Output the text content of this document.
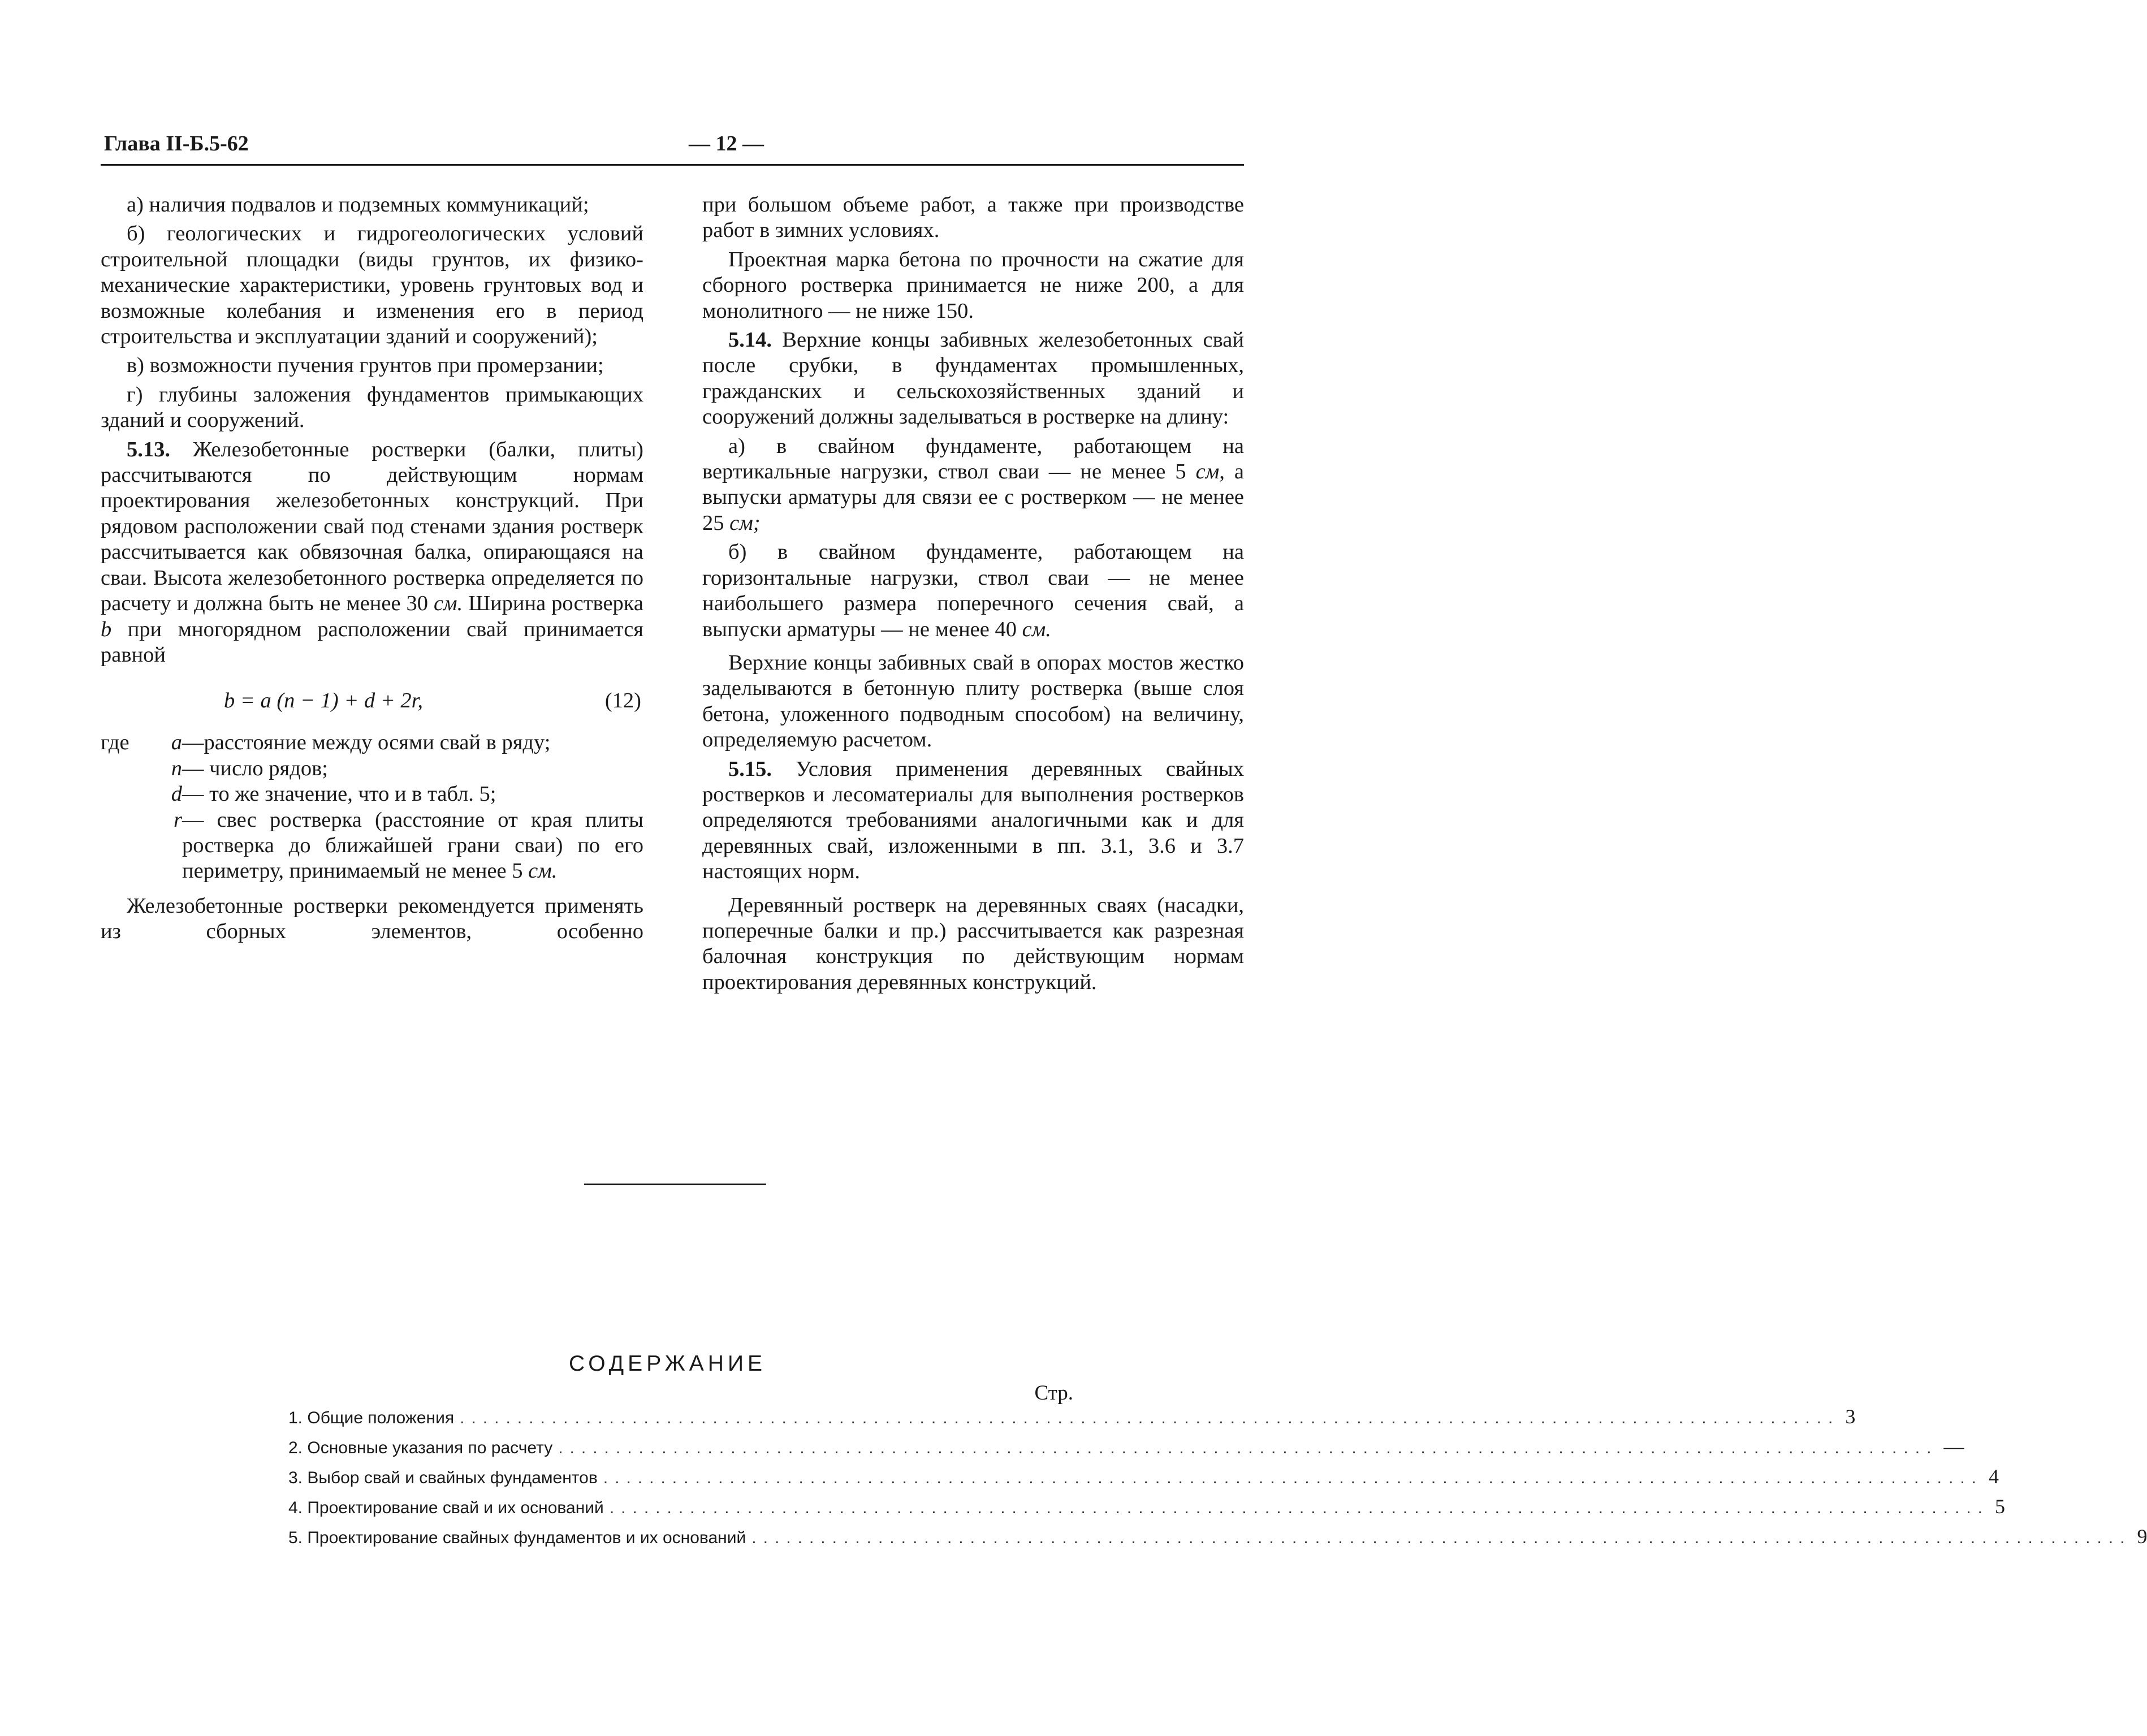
Глава II-Б.5-62	— 12 —

а) наличия подвалов и подземных коммуникаций;

б) геологических и гидрогеологических условий строительной площадки (виды грунтов, их физико-механические характеристики, уровень грунтовых вод и возможные колебания и изменения его в период строительства и эксплуатации зданий и сооружений);

в) возможности пучения грунтов при промерзании;

г) глубины заложения фундаментов примыкающих зданий и сооружений.

5.13. Железобетонные ростверки (балки, плиты) рассчитываются по действующим нормам проектирования железобетонных конструкций. При рядовом расположении свай под стенами здания ростверк рассчитывается как обвязочная балка, опирающаяся на сваи. Высота железобетонного ростверка определяется по расчету и должна быть не менее 30 см. Ширина ростверка b при многорядном расположении свай принимается равной

b = a (n − 1) + d + 2r,	(12)
где	a —расстояние между осями свай в ряду;
n — число рядов;
d — то же значение, что и в табл. 5;
r — свес ростверка (расстояние от края плиты ростверка до ближайшей грани сваи) по его периметру, принимаемый не менее 5 см.

Железобетонные ростверки рекомендуется применять из сборных элементов, особенно

при большом объеме работ, а также при производстве работ в зимних условиях.

Проектная марка бетона по прочности на сжатие для сборного ростверка принимается не ниже 200, а для монолитного — не ниже 150.

5.14. Верхние концы забивных железобетонных свай после срубки, в фундаментах промышленных, гражданских и сельскохозяйственных зданий и сооружений должны заделываться в ростверке на длину:

а) в свайном фундаменте, работающем на вертикальные нагрузки, ствол сваи — не менее 5 см, а выпуски арматуры для связи ее с ростверком — не менее 25 см;

б) в свайном фундаменте, работающем на горизонтальные нагрузки, ствол сваи — не менее наибольшего размера поперечного сечения свай, а выпуски арматуры — не менее 40 см.

Верхние концы забивных свай в опорах мостов жестко заделываются в бетонную плиту ростверка (выше слоя бетона, уложенного подводным способом) на величину, определяемую расчетом.

5.15. Условия применения деревянных свайных ростверков и лесоматериалы для выполнения ростверков определяются требованиями аналогичными как и для деревянных свай, изложенными в пп. 3.1, 3.6 и 3.7 настоящих норм.

Деревянный ростверк на деревянных сваях (насадки, поперечные балки и пр.) рассчитывается как разрезная балочная конструкция по действующим нормам проектирования деревянных конструкций.

СОДЕРЖАНИЕ
Стр.
1. Общие положения ........................................................................................................................ 3
2. Основные указания по расчету ........................................................................................................................ —
3. Выбор свай и свайных фундаментов ........................................................................................................................ 4
4. Проектирование свай и их оснований ........................................................................................................................ 5
5. Проектирование свайных фундаментов и их оснований ........................................................................................................................ 9
